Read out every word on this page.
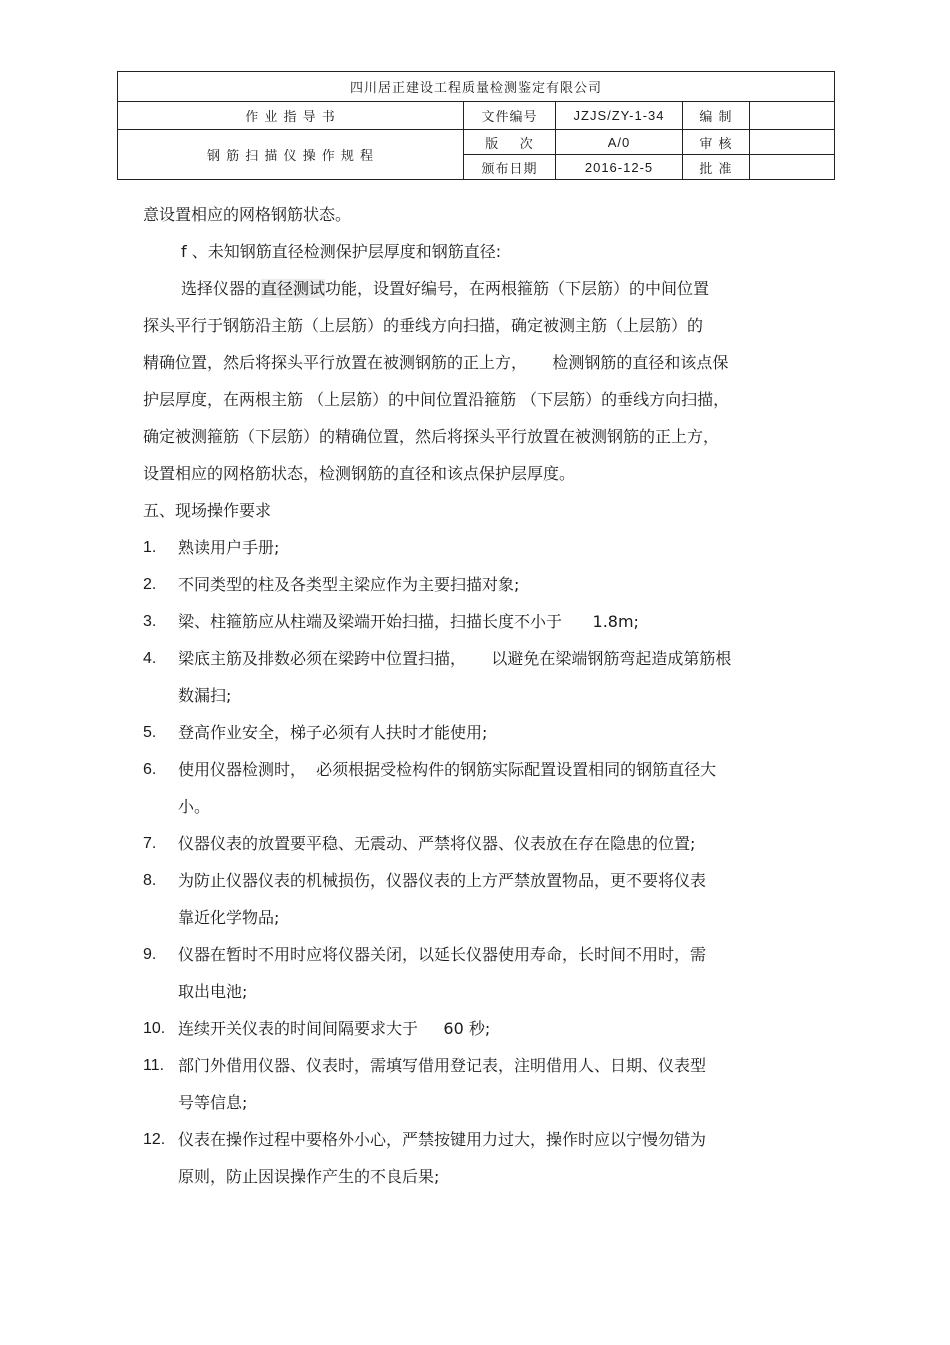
四川居正建设工程质量检测鉴定有限公司				
作 业 指 导 书	文件编号	JZJS/ZY-1-34	编 制	
钢 筋 扫 描 仪 操 作 规 程	版    次	A/0	审 核	
	颁布日期	2016-12-5	批 准	

意设置相应的网格钢筋状态。

f 、未知钢筋直径检测保护层厚度和钢筋直径:

选择仪器的直径测试功能，设置好编号，在两根箍筋（下层筋）的中间位置

探头平行于钢筋沿主筋（上层筋）的垂线方向扫描，确定被测主筋（上层筋）的

精确位置，然后将探头平行放置在被测钢筋的正上方，     检测钢筋的直径和该点保

护层厚度，在两根主筋 （上层筋）的中间位置沿箍筋 （下层筋）的垂线方向扫描，

确定被测箍筋（下层筋）的精确位置，然后将探头平行放置在被测钢筋的正上方，

设置相应的网格筋状态，检测钢筋的直径和该点保护层厚度。

五、现场操作要求

1.	熟读用户手册;
2.	不同类型的柱及各类型主梁应作为主要扫描对象;
3.	梁、柱箍筋应从柱端及梁端开始扫描，扫描长度不小于      1.8m;
4.	梁底主筋及排数必须在梁跨中位置扫描，     以避免在梁端钢筋弯起造成第筋根
数漏扫;
5.	登高作业安全，梯子必须有人扶时才能使用;
6.	使用仪器检测时，  必须根据受检构件的钢筋实际配置设置相同的钢筋直径大
小。
7.	仪器仪表的放置要平稳、无震动、严禁将仪器、仪表放在存在隐患的位置;
8.	为防止仪器仪表的机械损伤，仪器仪表的上方严禁放置物品，更不要将仪表
靠近化学物品;
9.	仪器在暂时不用时应将仪器关闭，以延长仪器使用寿命，长时间不用时，需
取出电池;
10. 连续开关仪表的时间间隔要求大于     60 秒;
11. 部门外借用仪器、仪表时，需填写借用登记表，注明借用人、日期、仪表型
号等信息;
12. 仪表在操作过程中要格外小心，严禁按键用力过大，操作时应以宁慢勿错为
原则，防止因误操作产生的不良后果;
